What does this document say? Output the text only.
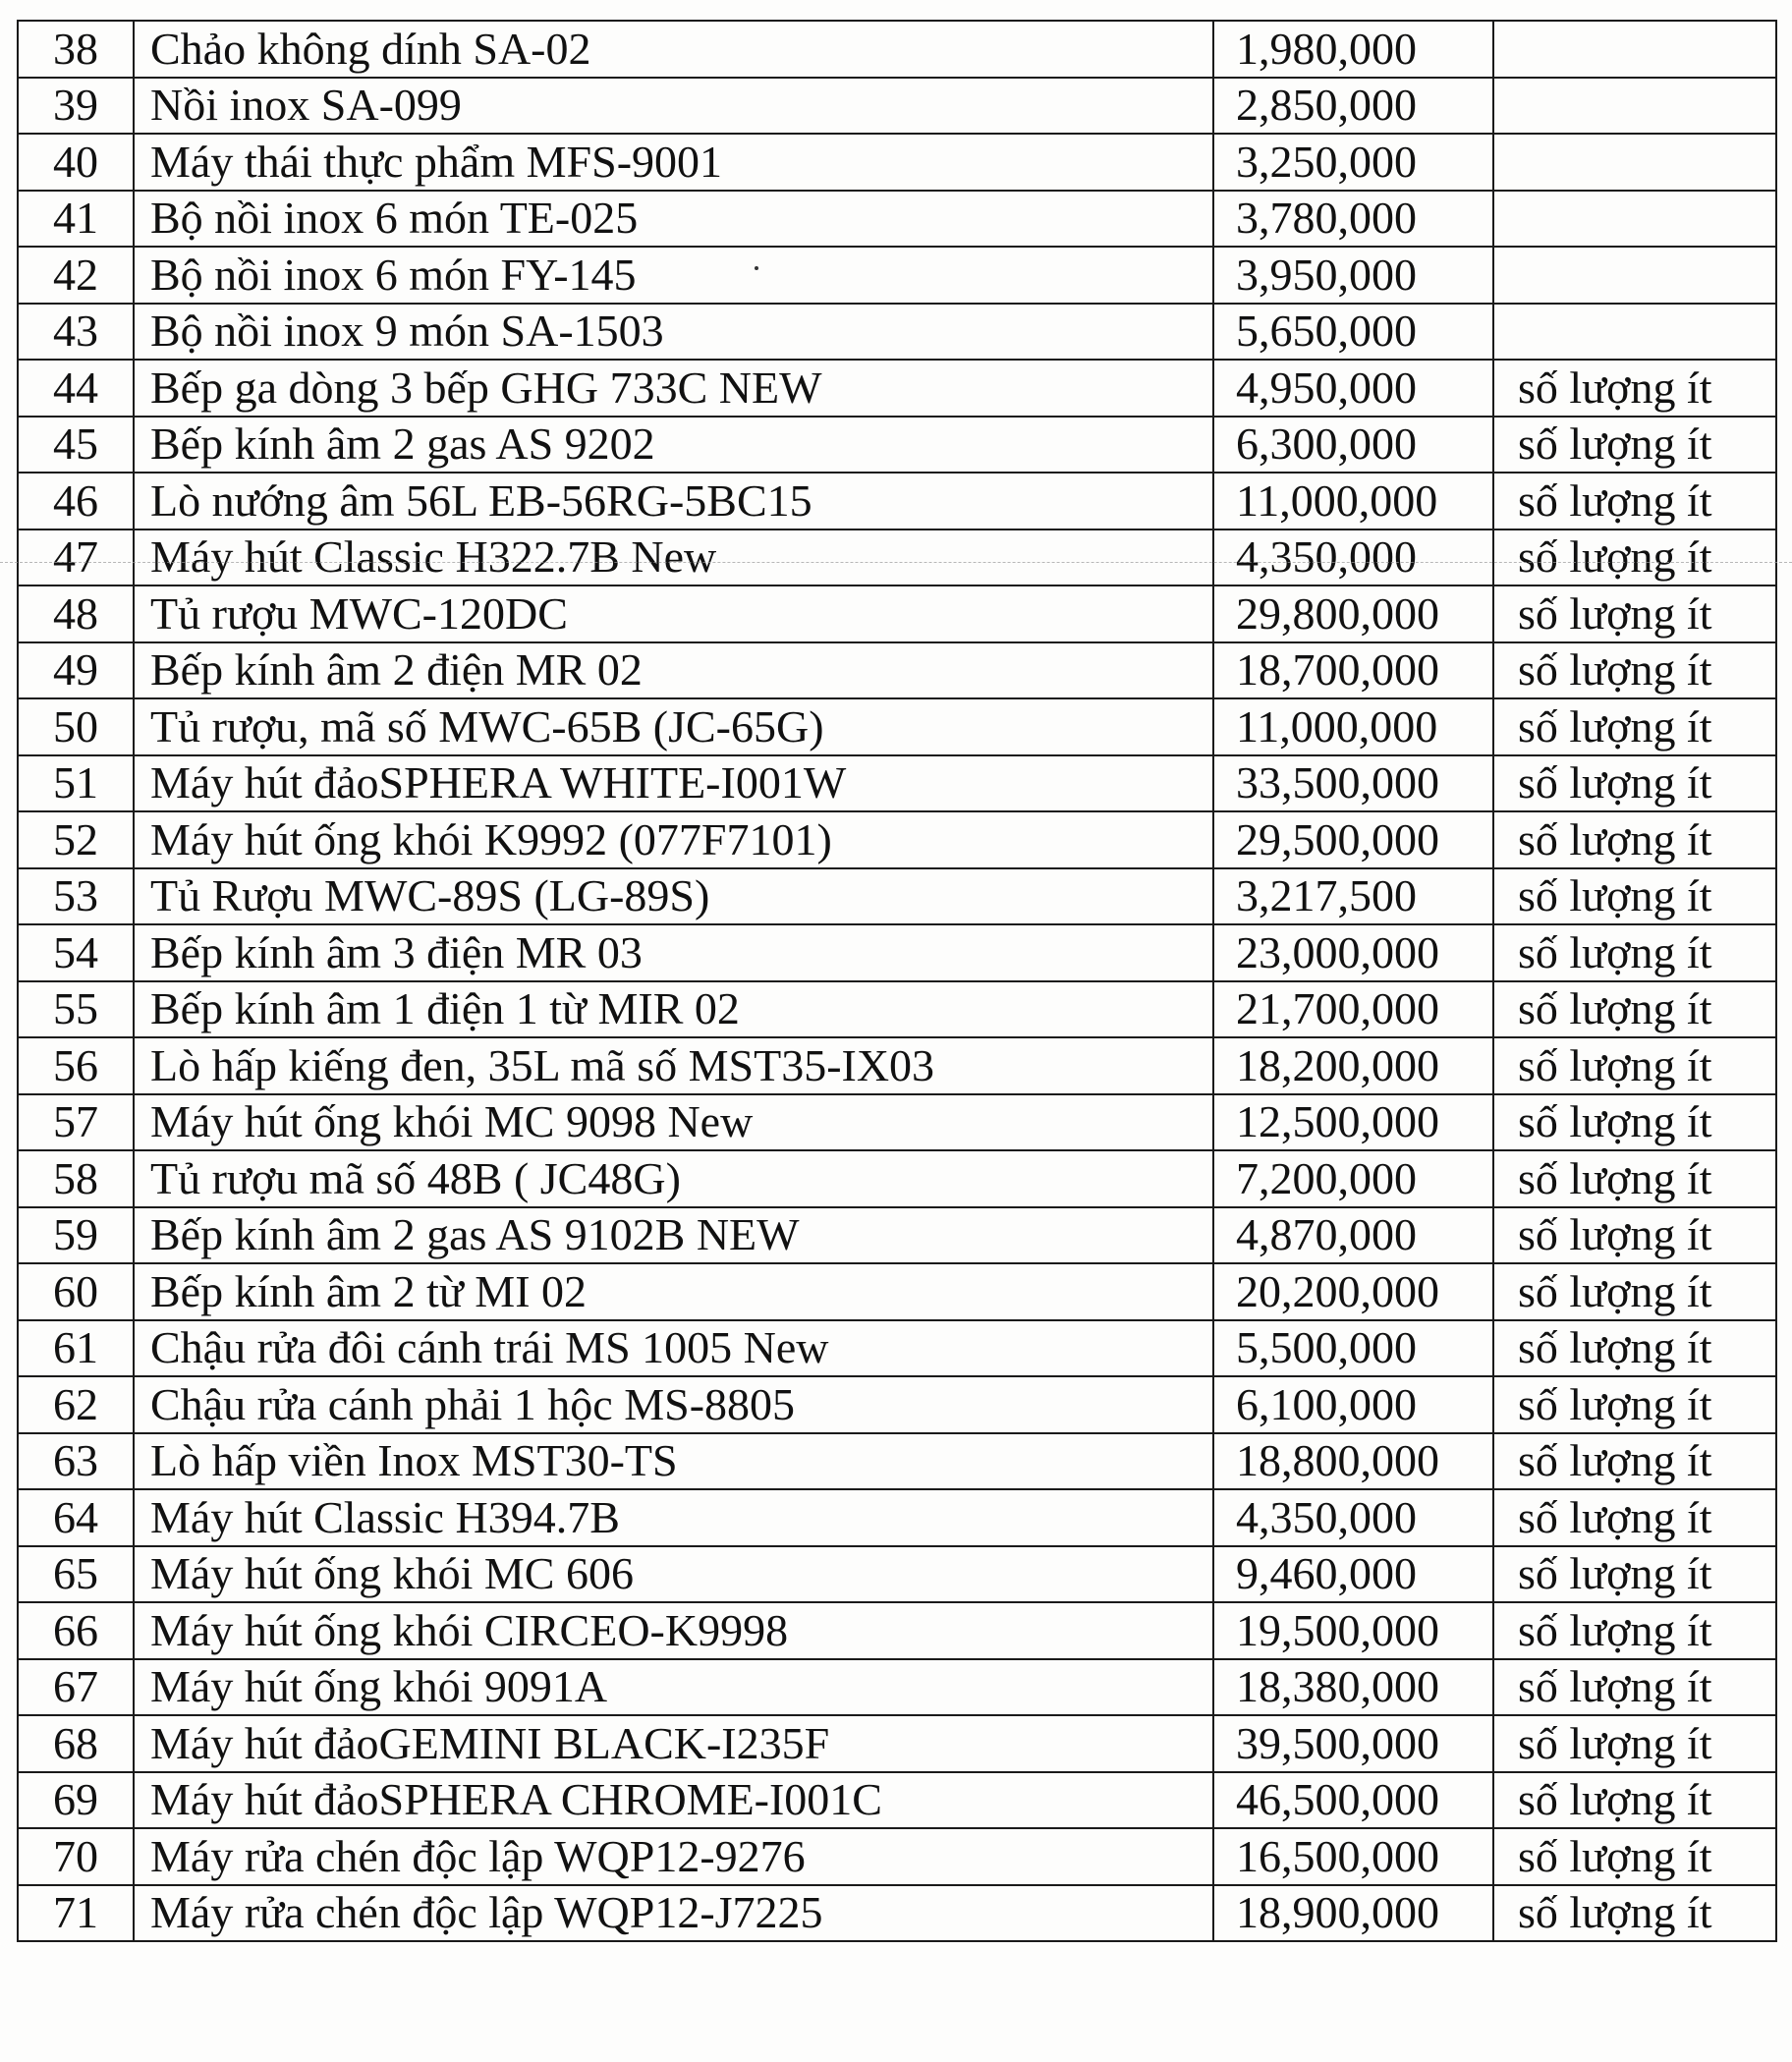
38	Chảo không dính SA-02	1,980,000	
39	Nồi inox SA-099	2,850,000	
40	Máy thái thực phẩm MFS-9001	3,250,000	
41	Bộ nồi inox 6 món TE-025	3,780,000	
42	Bộ nồi inox 6 món FY-145	3,950,000	
43	Bộ nồi inox 9 món SA-1503	5,650,000	
44	Bếp ga dòng 3 bếp GHG 733C NEW	4,950,000	số lượng ít
45	Bếp kính âm 2 gas AS 9202	6,300,000	số lượng ít
46	Lò nướng âm 56L EB-56RG-5BC15	11,000,000	số lượng ít
47	Máy hút Classic H322.7B New	4,350,000	số lượng ít
48	Tủ rượu MWC-120DC	29,800,000	số lượng ít
49	Bếp kính âm 2 điện MR 02	18,700,000	số lượng ít
50	Tủ rượu, mã số MWC-65B (JC-65G)	11,000,000	số lượng ít
51	Máy hút đảoSPHERA WHITE-I001W	33,500,000	số lượng ít
52	Máy hút ống khói K9992 (077F7101)	29,500,000	số lượng ít
53	Tủ Rượu MWC-89S (LG-89S)	3,217,500	số lượng ít
54	Bếp kính âm 3 điện MR 03	23,000,000	số lượng ít
55	Bếp kính âm 1 điện 1 từ MIR 02	21,700,000	số lượng ít
56	Lò hấp kiếng đen, 35L mã số MST35-IX03	18,200,000	số lượng ít
57	Máy hút ống khói MC 9098 New	12,500,000	số lượng ít
58	Tủ rượu mã số 48B ( JC48G)	7,200,000	số lượng ít
59	Bếp kính âm 2 gas AS 9102B NEW	4,870,000	số lượng ít
60	Bếp kính âm 2 từ MI 02	20,200,000	số lượng ít
61	Chậu rửa đôi cánh trái MS 1005 New	5,500,000	số lượng ít
62	Chậu rửa cánh phải 1 hộc MS-8805	6,100,000	số lượng ít
63	Lò hấp viền Inox MST30-TS	18,800,000	số lượng ít
64	Máy hút Classic H394.7B	4,350,000	số lượng ít
65	Máy hút ống khói MC 606	9,460,000	số lượng ít
66	Máy hút ống khói CIRCEO-K9998	19,500,000	số lượng ít
67	Máy hút ống khói 9091A	18,380,000	số lượng ít
68	Máy hút đảoGEMINI BLACK-I235F	39,500,000	số lượng ít
69	Máy hút đảoSPHERA CHROME-I001C	46,500,000	số lượng ít
70	Máy rửa chén độc lập WQP12-9276	16,500,000	số lượng ít
71	Máy rửa chén độc lập WQP12-J7225	18,900,000	số lượng ít
